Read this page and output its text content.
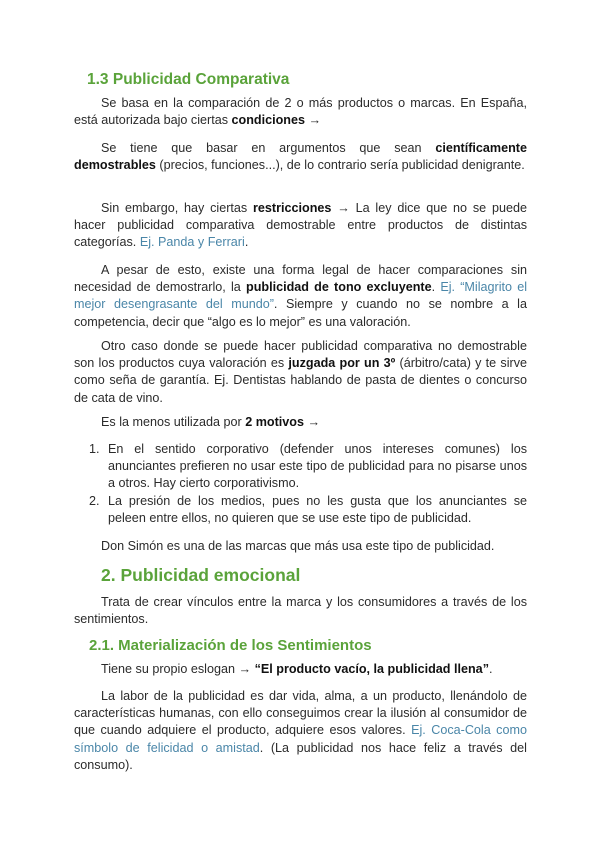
1.3 Publicidad Comparativa

Se basa en la comparación de 2 o más productos o marcas. En España, está autorizada bajo ciertas condiciones →

Se tiene que basar en argumentos que sean científicamente demostrables (precios, funciones...), de lo contrario sería publicidad denigrante.

Sin embargo, hay ciertas restricciones → La ley dice que no se puede hacer publicidad comparativa demostrable entre productos de distintas categorías. Ej. Panda y Ferrari.

A pesar de esto, existe una forma legal de hacer comparaciones sin necesidad de demostrarlo, la publicidad de tono excluyente. Ej. “Milagrito el mejor desengrasante del mundo”. Siempre y cuando no se nombre a la competencia, decir que “algo es lo mejor” es una valoración.

Otro caso donde se puede hacer publicidad comparativa no demostrable son los productos cuya valoración es juzgada por un 3º (árbitro/cata) y te sirve como seña de garantía. Ej. Dentistas hablando de pasta de dientes o concurso de cata de vino.

Es la menos utilizada por 2 motivos →

1. En el sentido corporativo (defender unos intereses comunes) los anunciantes prefieren no usar este tipo de publicidad para no pisarse unos a otros. Hay cierto corporativismo.
2. La presión de los medios, pues no les gusta que los anunciantes se peleen entre ellos, no quieren que se use este tipo de publicidad.

Don Simón es una de las marcas que más usa este tipo de publicidad.

2. Publicidad emocional

Trata de crear vínculos entre la marca y los consumidores a través de los sentimientos.

2.1. Materialización de los Sentimientos

Tiene su propio eslogan → “El producto vacío, la publicidad llena”.

La labor de la publicidad es dar vida, alma, a un producto, llenándolo de características humanas, con ello conseguimos crear la ilusión al consumidor de que cuando adquiere el producto, adquiere esos valores. Ej. Coca-Cola como símbolo de felicidad o amistad. (La publicidad nos hace feliz a través del consumo).
